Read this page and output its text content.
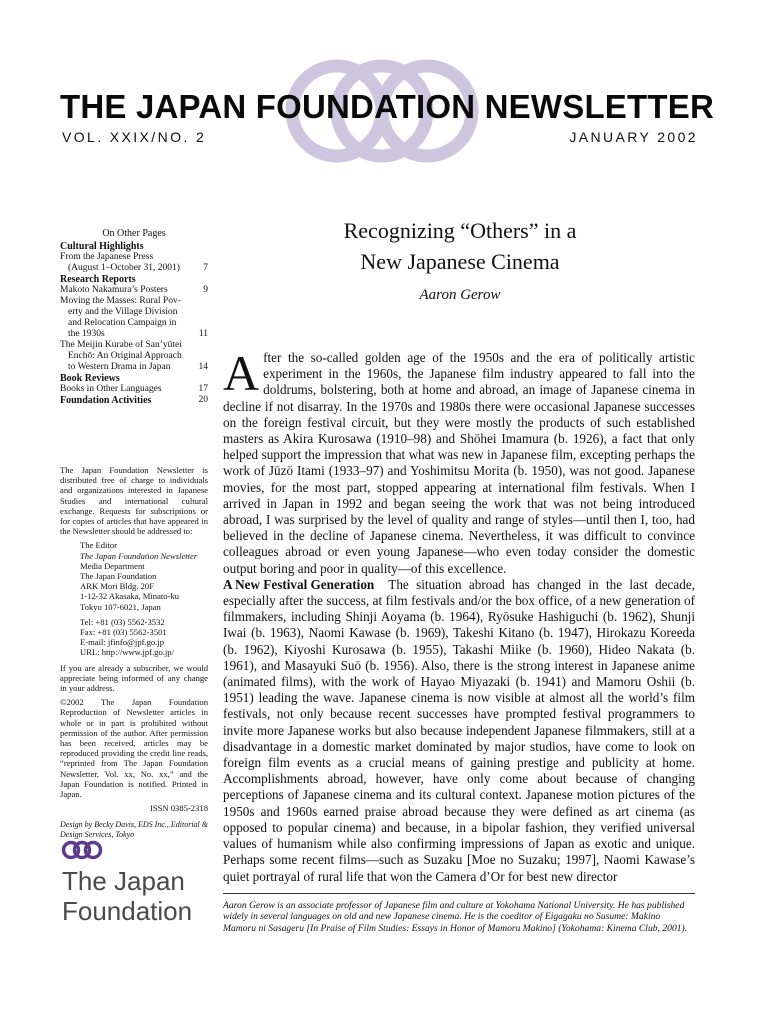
THE JAPAN FOUNDATION NEWSLETTER
VOL. XXIX/NO. 2	JANUARY 2002
On Other Pages
Cultural Highlights
From the Japanese Press
(August 1–October 31, 2001)	7
Research Reports
Makoto Nakamura’s Posters	9
Moving the Masses: Rural Pov-
erty and the Village Division
and Relocation Campaign in
the 1930s	11
The Meijin Kurabe of San’yūtei
Enchō: An Original Approach
to Western Drama in Japan	14
Book Reviews
Books in Other Languages	17
Foundation Activities	20

The Japan Foundation Newsletter is distributed free of charge to individuals and organizations interested in Japanese Studies and international cultural exchange. Requests for subscriptions or for copies of articles that have appeared in the Newsletter should be addressed to:

The Editor
The Japan Foundation Newsletter
Media Department
The Japan Foundation
ARK Mori Bldg. 20F
1-12-32 Akasaka, Minato-ku
Tokyo 107-6021, Japan
Tel: +81 (03) 5562-3532
Fax: +81 (03) 5562-3501
E-mail: jfinfo@jpf.go.jp
URL: http://www.jpf.go.jp/

If you are already a subscriber, we would appreciate being informed of any change in your address.

©2002 The Japan Foundation Reproduction of Newsletter articles in whole or in part is prohibited without permission of the author. After permission has been received, articles may be reproduced providing the credit line reads, “reprinted from The Japan Foundation Newsletter, Vol. xx, No. xx,” and the Japan Foundation is notified. Printed in Japan.

ISSN 0385-2318
Design by Becky Davis, EDS Inc., Editorial & Design Services, Tokyo
The Japan
Foundation
Recognizing “Others” in a
New Japanese Cinema
Aaron Gerow

After the so-called golden age of the 1950s and the era of politically artistic experiment in the 1960s, the Japanese film industry appeared to fall into the doldrums, bolstering, both at home and abroad, an image of Japanese cinema in decline if not disarray. In the 1970s and 1980s there were occasional Japanese successes on the foreign festival circuit, but they were mostly the products of such established masters as Akira Kurosawa (1910–98) and Shōhei Imamura (b. 1926), a fact that only helped support the impression that what was new in Japanese film, excepting perhaps the work of Jūzō Itami (1933–97) and Yoshimitsu Morita (b. 1950), was not good. Japanese movies, for the most part, stopped appearing at international film festivals. When I arrived in Japan in 1992 and began seeing the work that was not being introduced abroad, I was surprised by the level of quality and range of styles—until then I, too, had believed in the decline of Japanese cinema. Nevertheless, it was difficult to convince colleagues abroad or even young Japanese—who even today consider the domestic output boring and poor in quality—of this excellence.

A New Festival Generation The situation abroad has changed in the last decade, especially after the success, at film festivals and/or the box office, of a new generation of filmmakers, including Shinji Aoyama (b. 1964), Ryōsuke Hashiguchi (b. 1962), Shunji Iwai (b. 1963), Naomi Kawase (b. 1969), Takeshi Kitano (b. 1947), Hirokazu Koreeda (b. 1962), Kiyoshi Kurosawa (b. 1955), Takashi Miike (b. 1960), Hideo Nakata (b. 1961), and Masayuki Suō (b. 1956). Also, there is the strong interest in Japanese anime (animated films), with the work of Hayao Miyazaki (b. 1941) and Mamoru Oshii (b. 1951) leading the wave. Japanese cinema is now visible at almost all the world’s film festivals, not only because recent successes have prompted festival programmers to invite more Japanese works but also because independent Japanese filmmakers, still at a disadvantage in a domestic market dominated by major studios, have come to look on foreign film events as a crucial means of gaining prestige and publicity at home. Accomplishments abroad, however, have only come about because of changing perceptions of Japanese cinema and its cultural context. Japanese motion pictures of the 1950s and 1960s earned praise abroad because they were defined as art cinema (as opposed to popular cinema) and because, in a bipolar fashion, they verified universal values of humanism while also confirming impressions of Japan as exotic and unique. Perhaps some recent films—such as Suzaku [Moe no Suzaku; 1997], Naomi Kawase’s quiet portrayal of rural life that won the Camera d’Or for best new director

Aaron Gerow is an associate professor of Japanese film and culture at Yokohama National University. He has published widely in several languages on old and new Japanese cinema. He is the coeditor of Eigagaku no Susume: Makino Mamoru ni Sasageru [In Praise of Film Studies: Essays in Honor of Mamoru Makino] (Yokohama: Kinema Club, 2001).
